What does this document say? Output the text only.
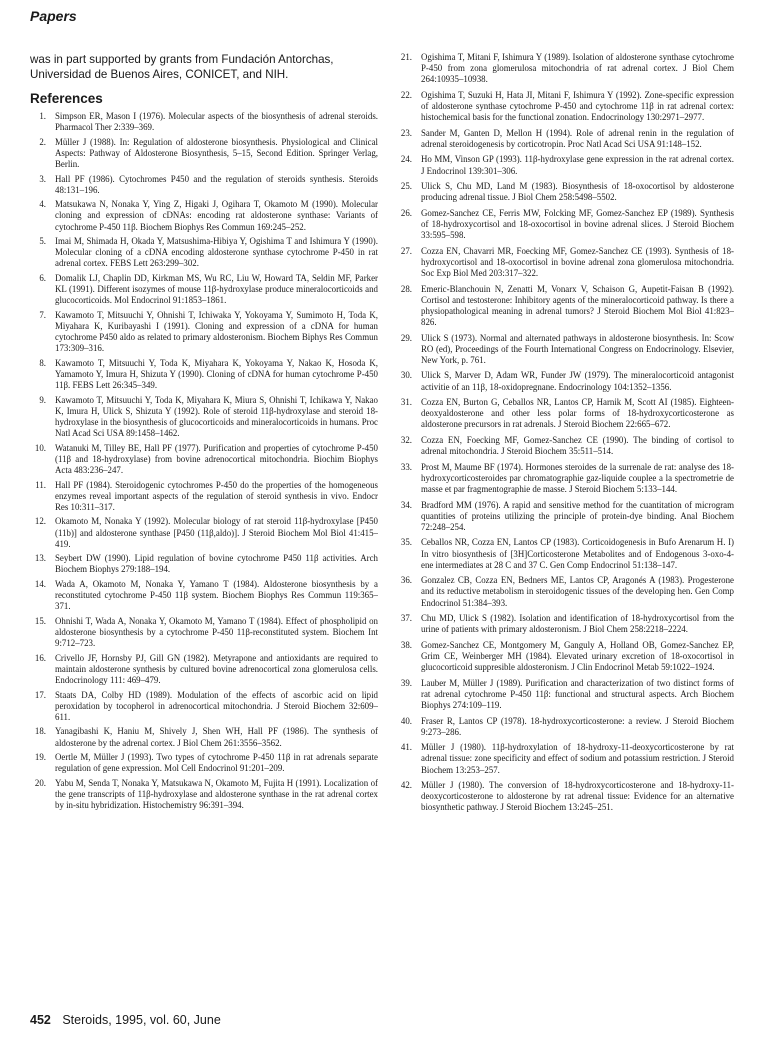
Papers

was in part supported by grants from Fundación Antorchas, Universidad de Buenos Aires, CONICET, and NIH.

References
1. Simpson ER, Mason I (1976). Molecular aspects of the biosynthesis of adrenal steroids. Pharmacol Ther 2:339–369.
2. Müller J (1988). In: Regulation of aldosterone biosynthesis. Physiological and Clinical Aspects: Pathway of Aldosterone Biosynthesis, 5–15, Second Edition. Springer Verlag, Berlin.
3. Hall PF (1986). Cytochromes P450 and the regulation of steroids synthesis. Steroids 48:131–196.
4. Matsukawa N, Nonaka Y, Ying Z, Higaki J, Ogihara T, Okamoto M (1990). Molecular cloning and expression of cDNAs: encoding rat aldosterone synthase: Variants of cytochrome P-450 11β. Biochem Biophys Res Commun 169:245–252.
5. Imai M, Shimada H, Okada Y, Matsushima-Hibiya Y, Ogishima T and Ishimura Y (1990). Molecular cloning of a cDNA encoding aldosterone synthase cytochrome P-450 in rat adrenal cortex. FEBS Lett 263:299–302.
6. Domalik LJ, Chaplin DD, Kirkman MS, Wu RC, Liu W, Howard TA, Seldin MF, Parker KL (1991). Different isozymes of mouse 11β-hydroxylase produce mineralocorticoids and glucocorticoids. Mol Endocrinol 91:1853–1861.
7. Kawamoto T, Mitsuuchi Y, Ohnishi T, Ichiwaka Y, Yokoyama Y, Sumimoto H, Toda K, Miyahara K, Kuribayashi I (1991). Cloning and expression of a cDNA for human cytochrome P450 aldo as related to primary aldosteronism. Biochem Biphys Res Commun 173:309–316.
8. Kawamoto T, Mitsuuchi Y, Toda K, Miyahara K, Yokoyama Y, Nakao K, Hosoda K, Yamamoto Y, Imura H, Shizuta Y (1990). Cloning of cDNA for human cytochrome P-450 11β. FEBS Lett 26:345–349.
9. Kawamoto T, Mitsuuchi Y, Toda K, Miyahara K, Miura S, Ohnishi T, Ichikawa Y, Nakao K, Imura H, Ulick S, Shizuta Y (1992). Role of steroid 11β-hydroxylase and steroid 18-hydroxylase in the biosynthesis of glucocorticoids and mineralocorticoids in humans. Proc Natl Acad Sci USA 89:1458–1462.
10. Watanuki M, Tilley BE, Hall PF (1977). Purification and properties of cytochrome P-450 (11β and 18-hydroxylase) from bovine adrenocortical mitochondria. Biochim Biophys Acta 483:236–247.
11. Hall PF (1984). Steroidogenic cytochromes P-450 do the properties of the homogeneous enzymes reveal important aspects of the regulation of steroid synthesis in vivo. Endocr Res 10:311–317.
12. Okamoto M, Nonaka Y (1992). Molecular biology of rat steroid 11β-hydroxylase [P450 (11b)] and aldosterone synthase [P450 (11β,aldo)]. J Steroid Biochem Mol Biol 41:415–419.
13. Seybert DW (1990). Lipid regulation of bovine cytochrome P450 11β activities. Arch Biochem Biophys 279:188–194.
14. Wada A, Okamoto M, Nonaka Y, Yamano T (1984). Aldosterone biosynthesis by a reconstituted cytochrome P-450 11β system. Biochem Biophys Res Commun 119:365–371.
15. Ohnishi T, Wada A, Nonaka Y, Okamoto M, Yamano T (1984). Effect of phospholipid on aldosterone biosynthesis by a cytochrome P-450 11β-reconstituted system. Biochem Int 9:712–723.
16. Crivello JF, Hornsby PJ, Gill GN (1982). Metyrapone and antioxidants are required to maintain aldosterone synthesis by cultured bovine adrenocortical zona glomerulosa cells. Endocrinology 111: 469–479.
17. Staats DA, Colby HD (1989). Modulation of the effects of ascorbic acid on lipid peroxidation by tocopherol in adrenocortical mitochondria. J Steroid Biochem 32:609–611.
18. Yanagibashi K, Haniu M, Shively J, Shen WH, Hall PF (1986). The synthesis of aldosterone by the adrenal cortex. J Biol Chem 261:3556–3562.
19. Oertle M, Müller J (1993). Two types of cytochrome P-450 11β in rat adrenals separate regulation of gene expression. Mol Cell Endocrinol 91:201–209.
20. Yabu M, Senda T, Nonaka Y, Matsukawa N, Okamoto M, Fujita H (1991). Localization of the gene transcripts of 11β-hydroxylase and aldosterone synthase in the rat adrenal cortex by in-situ hybridization. Histochemistry 96:391–394.
21. Ogishima T, Mitani F, Ishimura Y (1989). Isolation of aldosterone synthase cytochrome P-450 from zona glomerulosa mitochondria of rat adrenal cortex. J Biol Chem 264:10935–10938.
22. Ogishima T, Suzuki H, Hata JI, Mitani F, Ishimura Y (1992). Zone-specific expression of aldosterone synthase cytochrome P-450 and cytochrome 11β in rat adrenal cortex: histochemical basis for the functional zonation. Endocrinology 130:2971–2977.
23. Sander M, Ganten D, Mellon H (1994). Role of adrenal renin in the regulation of adrenal steroidogenesis by corticotropin. Proc Natl Acad Sci USA 91:148–152.
24. Ho MM, Vinson GP (1993). 11β-hydroxylase gene expression in the rat adrenal cortex. J Endocrinol 139:301–306.
25. Ulick S, Chu MD, Land M (1983). Biosynthesis of 18-oxocortisol by aldosterone producing adrenal tissue. J Biol Chem 258:5498–5502.
26. Gomez-Sanchez CE, Ferris MW, Folcking MF, Gomez-Sanchez EP (1989). Synthesis of 18-hydroxycortisol and 18-oxocortisol in bovine adrenal slices. J Steroid Biochem 33:595–598.
27. Cozza EN, Chavarri MR, Foecking MF, Gomez-Sanchez CE (1993). Synthesis of 18-hydroxycortisol and 18-oxocortisol in bovine adrenal zona glomerulosa mitochondria. Soc Exp Biol Med 203:317–322.
28. Emeric-Blanchouin N, Zenatti M, Vonarx V, Schaison G, Aupetit-Faisan B (1992). Cortisol and testosterone: Inhibitory agents of the mineralocorticoid pathway. Is there a physiopathological meaning in adrenal tumors? J Steroid Biochem Mol Biol 41:823–826.
29. Ulick S (1973). Normal and alternated pathways in aldosterone biosynthesis. In: Scow RO (ed), Proceedings of the Fourth International Congress on Endocrinology. Elsevier, New York, p. 761.
30. Ulick S, Marver D, Adam WR, Funder JW (1979). The mineralocorticoid antagonist activitie of an 11β, 18-oxidopregnane. Endocrinology 104:1352–1356.
31. Cozza EN, Burton G, Ceballos NR, Lantos CP, Harnik M, Scott AI (1985). Eighteen-deoxyaldosterone and other less polar forms of 18-hydroxycorticosterone as aldosterone precursors in rat adrenals. J Steroid Biochem 22:665–672.
32. Cozza EN, Foecking MF, Gomez-Sanchez CE (1990). The binding of cortisol to adrenal mitochondria. J Steroid Biochem 35:511–514.
33. Prost M, Maume BF (1974). Hormones steroides de la surrenale de rat: analyse des 18-hydroxycorticosteroides par chromatographie gaz-liquide couplee a la spectrometrie de masse et par fragmentographie de masse. J Steroid Biochem 5:133–144.
34. Bradford MM (1976). A rapid and sensitive method for the cuantitation of microgram quantities of proteins utilizing the principle of protein-dye binding. Anal Biochem 72:248–254.
35. Ceballos NR, Cozza EN, Lantos CP (1983). Corticoidogenesis in Bufo Arenarum H. I) In vitro biosynthesis of [3H]Corticosterone Metabolites and of Endogenous 3-oxo-4-ene intermediates at 28 C and 37 C. Gen Comp Endocrinol 51:138–147.
36. Gonzalez CB, Cozza EN, Bedners ME, Lantos CP, Aragonés A (1983). Progesterone and its reductive metabolism in steroidogenic tissues of the developing hen. Gen Comp Endocrinol 51:384–393.
37. Chu MD, Ulick S (1982). Isolation and identification of 18-hydroxycortisol from the urine of patients with primary aldosteronism. J Biol Chem 258:2218–2224.
38. Gomez-Sanchez CE, Montgomery M, Ganguly A, Holland OB, Gomez-Sanchez EP, Grim CE, Weinberger MH (1984). Elevated urinary excretion of 18-oxocortisol in glucocorticoid suppresible aldosteronism. J Clin Endocrinol Metab 59:1022–1924.
39. Lauber M, Müller J (1989). Purification and characterization of two distinct forms of rat adrenal cytochrome P-450 11β: functional and structural aspects. Arch Biochem Biophys 274:109–119.
40. Fraser R, Lantos CP (1978). 18-hydroxycorticosterone: a review. J Steroid Biochem 9:273–286.
41. Müller J (1980). 11β-hydroxylation of 18-hydroxy-11-deoxycorticosterone by rat adrenal tissue: zone specificity and effect of sodium and potassium restriction. J Steroid Biochem 13:253–257.
42. Müller J (1980). The conversion of 18-hydroxycorticosterone and 18-hydroxy-11-deoxycorticosterone to aldosterone by rat adrenal tissue: Evidence for an alternative biosynthetic pathway. J Steroid Biochem 13:245–251.
452 Steroids, 1995, vol. 60, June
